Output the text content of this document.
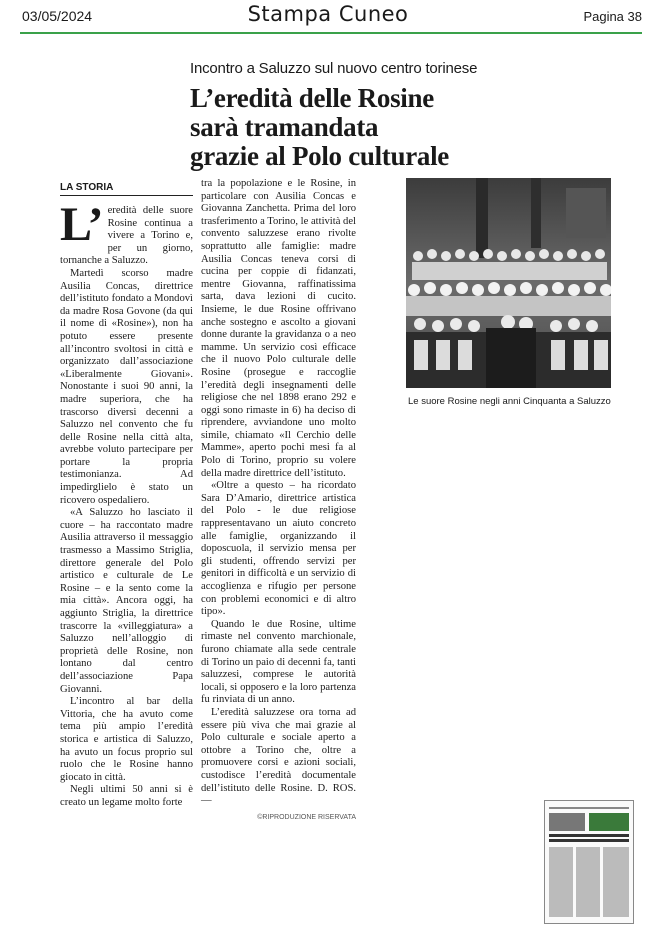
03/05/2024	Stampa Cuneo	Pagina 38
Incontro a Saluzzo sul nuovo centro torinese
L’eredità delle Rosine
sarà tramandata
grazie al Polo culturale
LA STORIA

L’ eredità delle suore Rosine continua a vivere a Torino e, per un giorno, tornanche a Saluzzo.

Martedì scorso madre Ausilia Concas, direttrice dell’istituto fondato a Mondovì da madre Rosa Govone (da qui il nome di «Rosine»), non ha potuto essere presente all’incontro svoltosi in città e organizzato dall’associazione «Liberalmente Giovani». Nonostante i suoi 90 anni, la madre superiora, che ha trascorso diversi decenni a Saluzzo nel convento che fu delle Rosine nella città alta, avrebbe voluto partecipare per portare la propria testimonianza. Ad impedirglielo è stato un ricovero ospedaliero.

«A Saluzzo ho lasciato il cuore – ha raccontato madre Ausilia attraverso il messaggio trasmesso a Massimo Striglia, direttore generale del Polo artistico e culturale de Le Rosine – e la sento come la mia città». Ancora oggi, ha aggiunto Striglia, la direttrice trascorre la «villeggiatura» a Saluzzo nell’alloggio di proprietà delle Rosine, non lontano dal centro dell’associazione Papa Giovanni.

L’incontro al bar della Vittoria, che ha avuto come tema più ampio l’eredità storica e artistica di Saluzzo, ha avuto un focus proprio sul ruolo che le Rosine hanno giocato in città.

Negli ultimi 50 anni si è creato un legame molto forte

tra la popolazione e le Rosine, in particolare con Ausilia Concas e Giovanna Zanchetta. Prima del loro trasferimento a Torino, le attività del convento saluzzese erano rivolte soprattutto alle famiglie: madre Ausilia Concas teneva corsi di cucina per coppie di fidanzati, mentre Giovanna, raffinatissima sarta, dava lezioni di cucito. Insieme, le due Rosine offrivano anche sostegno e ascolto a giovani donne durante la gravidanza o a neo mamme. Un servizio così efficace che il nuovo Polo culturale delle Rosine (prosegue e raccoglie l’eredità degli insegnamenti delle religiose che nel 1898 erano 292 e oggi sono rimaste in 6) ha deciso di riprendere, avviandone uno molto simile, chiamato «Il Cerchio delle Mamme», aperto pochi mesi fa al Polo di Torino, proprio su volere della madre direttrice dell’istituto.

«Oltre a questo – ha ricordato Sara D’Amario, direttrice artistica del Polo - le due religiose rappresentavano un aiuto concreto alle famiglie, organizzando il doposcuola, il servizio mensa per gli studenti, offrendo servizi per genitori in difficoltà e un servizio di accoglienza e rifugio per persone con problemi economici e di altro tipo».

Quando le due Rosine, ultime rimaste nel convento marchionale, furono chiamate alla sede centrale di Torino un paio di decenni fa, tanti saluzzesi, comprese le autorità locali, si opposero e la loro partenza fu rinviata di un anno.

L’eredità saluzzese ora torna ad essere più viva che mai grazie al Polo culturale e sociale aperto a ottobre a Torino che, oltre a promuovere corsi e azioni sociali, custodisce l’eredità documentale dell’istituto delle Rosine. D. ROS. —

©RIPRODUZIONE RISERVATA
Le suore Rosine negli anni Cinquanta a Saluzzo
